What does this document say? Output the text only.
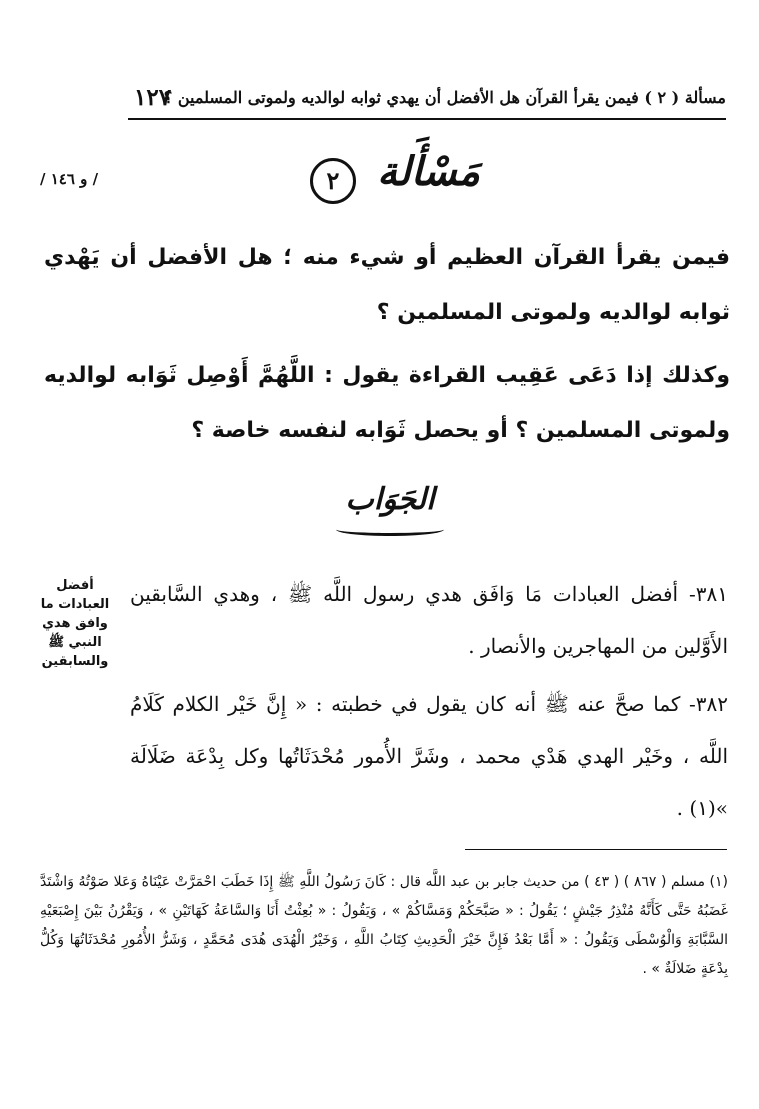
مسألة ( ٢ ) فيمن يقرأ القرآن هل الأفضل أن يهدي ثوابه لوالديه ولموتى المسلمين ؟
١٢٧
/ و ١٤٦ /	مَسْأَلة
٢
فيمن يقرأ القرآن العظيم أو شيء منه ؛ هل الأفضل أن يَهْدي ثوابه لوالديه ولموتى المسلمين ؟
وكذلك إذا دَعَى عَقِيب القراءة يقول : اللَّهُمَّ أَوْصِل ثَوَابه لوالديه ولموتى المسلمين ؟ أو يحصل ثَوَابه لنفسه خاصة ؟
الجَوَاب
أفضل
العبادات ما
وافق هدي
النبي ﷺ
والسابقين
٣٨١- أفضل العبادات مَا وَافَق هدي رسول اللَّه ﷺ ، وهدي السَّابقين الأَوَّلين من المهاجرين والأنصار .
٣٨٢- كما صحَّ عنه ﷺ أنه كان يقول في خطبته : « إِنَّ خَيْر الكلام كَلَامُ اللَّه ، وخَيْر الهدي هَدْي محمد ، وشَرَّ الأُمور مُحْدَثَاتُها وكل بِدْعَة ضَلَالَة »(١) .
(١) مسلم ( ٨٦٧ ) ( ٤٣ ) من حديث جابر بن عبد اللَّه قال : كَانَ رَسُولُ اللَّهِ ﷺ إِذَا خَطَبَ احْمَرَّتْ عَيْنَاهُ وَعَلا صَوْتُهُ وَاشْتَدَّ غَضَبُهُ حَتَّى كَأَنَّهُ مُنْذِرُ جَيْشٍ ؛ يَقُولُ : « صَبَّحَكُمْ وَمَسَّاكُمْ » ، وَيَقُولُ : « بُعِثْتُ أَنَا وَالسَّاعَةُ كَهَاتَيْنِ » ، وَيَقْرُنُ بَيْنَ إِصْبَعَيْهِ السَّبَّابَةِ وَالْوُسْطَى وَيَقُولُ : « أَمَّا بَعْدُ فَإِنَّ خَيْرَ الْحَدِيثِ كِتَابُ اللَّهِ ، وَخَيْرُ الْهُدَى هُدَى مُحَمَّدٍ ، وَشَرُّ الأُمُورِ مُحْدَثَاتُهَا وَكُلُّ بِدْعَةٍ ضَلالَةٌ » .
